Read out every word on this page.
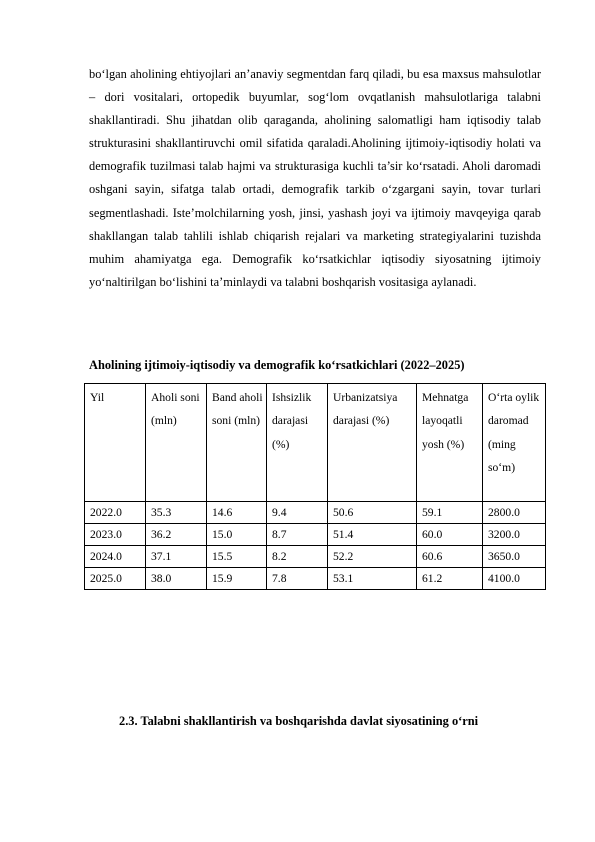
bo‘lgan aholining ehtiyojlari an’anaviy segmentdan farq qiladi, bu esa maxsus mahsulotlar – dori vositalari, ortopedik buyumlar, sog‘lom ovqatlanish mahsulotlariga talabni shakllantiradi. Shu jihatdan olib qaraganda, aholining salomatligi ham iqtisodiy talab strukturasini shakllantiruvchi omil sifatida qaraladi.Aholining ijtimoiy-iqtisodiy holati va demografik tuzilmasi talab hajmi va strukturasiga kuchli ta’sir ko‘rsatadi. Aholi daromadi oshgani sayin, sifatga talab ortadi, demografik tarkib o‘zgargani sayin, tovar turlari segmentlashadi. Iste’molchilarning yosh, jinsi, yashash joyi va ijtimoiy mavqeyiga qarab shakllangan talab tahlili ishlab chiqarish rejalari va marketing strategiyalarini tuzishda muhim ahamiyatga ega. Demografik ko‘rsatkichlar iqtisodiy siyosatning ijtimoiy yo‘naltirilgan bo‘lishini ta’minlaydi va talabni boshqarish vositasiga aylanadi.

Aholining ijtimoiy-iqtisodiy va demografik ko‘rsatkichlari (2022–2025)

Yil	Aholi soni (mln)	Band aholi soni (mln)	Ishsizlik darajasi (%)	Urbanizatsiya darajasi (%)	Mehnatga layoqatli yosh (%)	O‘rta oylik daromad (ming so‘m)
2022.0	35.3	14.6	9.4	50.6	59.1	2800.0
2023.0	36.2	15.0	8.7	51.4	60.0	3200.0
2024.0	37.1	15.5	8.2	52.2	60.6	3650.0
2025.0	38.0	15.9	7.8	53.1	61.2	4100.0

2.3. Talabni shakllantirish va boshqarishda davlat siyosatining o‘rni
